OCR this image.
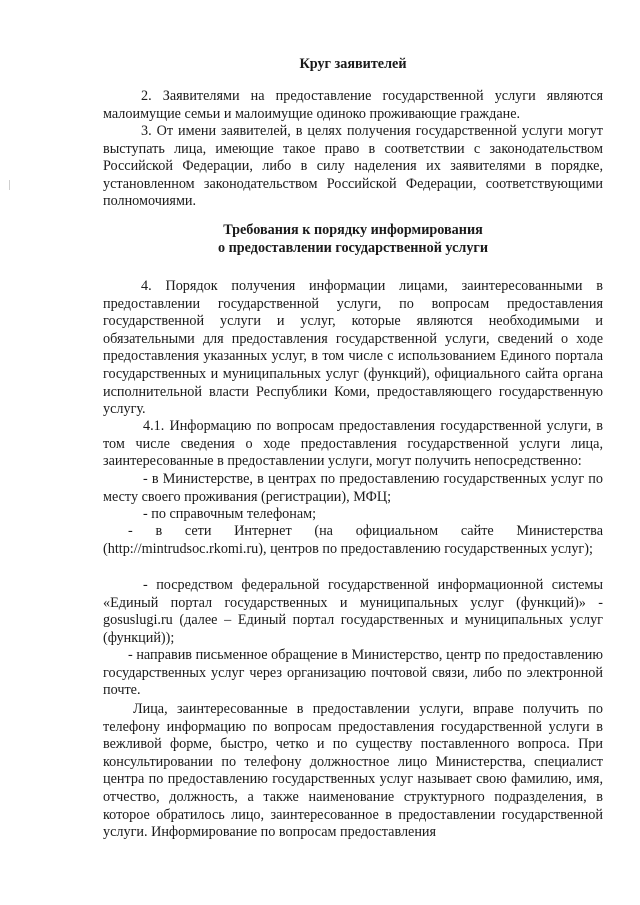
Круг заявителей
2. Заявителями на предоставление государственной услуги являются малоимущие семьи и малоимущие одиноко проживающие граждане.
3. От имени заявителей, в целях получения государственной услуги могут выступать лица, имеющие такое право в соответствии с законодательством Российской Федерации, либо в силу наделения их заявителями в порядке, установленном законодательством Российской Федерации, соответствующими полномочиями.
Требования к порядку информирования
о предоставлении государственной услуги
4. Порядок получения информации лицами, заинтересованными в предоставлении государственной услуги, по вопросам предоставления государственной услуги и услуг, которые являются необходимыми и обязательными для предоставления государственной услуги, сведений о ходе предоставления указанных услуг, в том числе с использованием Единого портала государственных и муниципальных услуг (функций), официального сайта органа исполнительной власти Республики Коми, предоставляющего государственную услугу.
4.1. Информацию по вопросам предоставления государственной услуги, в том числе сведения о ходе предоставления государственной услуги лица, заинтересованные в предоставлении услуги, могут получить непосредственно:
- в Министерстве, в центрах по предоставлению государственных услуг по месту своего проживания (регистрации), МФЦ;
- по справочным телефонам;
- в сети Интернет (на официальном сайте Министерства (http://mintrudsoc.rkomi.ru), центров по предоставлению государственных услуг);
- посредством федеральной государственной информационной системы «Единый портал государственных и муниципальных услуг (функций)» - gosuslugi.ru (далее – Единый портал государственных и муниципальных услуг (функций));
- направив письменное обращение в Министерство, центр по предоставлению государственных услуг через организацию почтовой связи, либо по электронной почте.
Лица, заинтересованные в предоставлении услуги, вправе получить по телефону информацию по вопросам предоставления государственной услуги в вежливой форме, быстро, четко и по существу поставленного вопроса. При консультировании по телефону должностное лицо Министерства, специалист центра по предоставлению государственных услуг называет свою фамилию, имя, отчество, должность, а также наименование структурного подразделения, в которое обратилось лицо, заинтересованное в предоставлении государственной услуги. Информирование по вопросам предоставления
